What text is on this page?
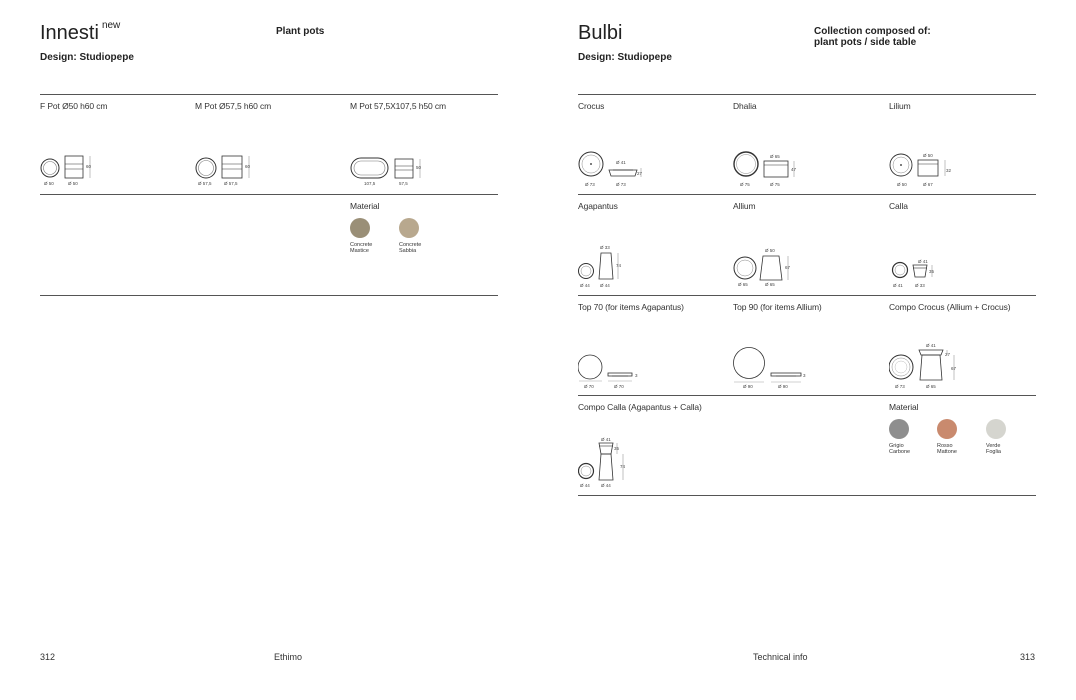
Innesti $^{new}$
Plant pots
Design: Studiopepe
F Pot Ø50 h60 cm	M Pot Ø57,5 h60 cm	M Pot 57,5X107,5 h50 cm
Ø 50	Ø 50
60
Ø 57,5	Ø 57,5
60
107,5	57,5
50
Material
Concrete
Mastice
Concrete
Sabbia
Bulbi	Collection composed of:
plant pots / side table
Design: Studiopepe
Crocus	Dhalia	Lilium
Ø 73
Ø 41
Ø 73
27
Ø 75
Ø 65
Ø 75
47
Ø 50
Ø 50
Ø 67
32
Agapantus	Allium	Calla
Ø 44
Ø 33
Ø 44
74
Ø 65
Ø 50
Ø 65
67
Ø 41
Ø 41
Ø 33
35
Top 70 (for items Agapantus)	Top 90 (for items Allium)	Compo Crocus (Allium + Crocus)
Ø 70	Ø 70
3
Ø 90	Ø 90
3
Ø 73
Ø 41
Ø 65
27
67
Compo Calla (Agapantus + Calla)
Ø 44
Ø 41
Ø 44
35
74
Material
Grigio
Carbone
Rosso
Mattone
Verde
Foglia
312	Ethimo	Technical info	313
